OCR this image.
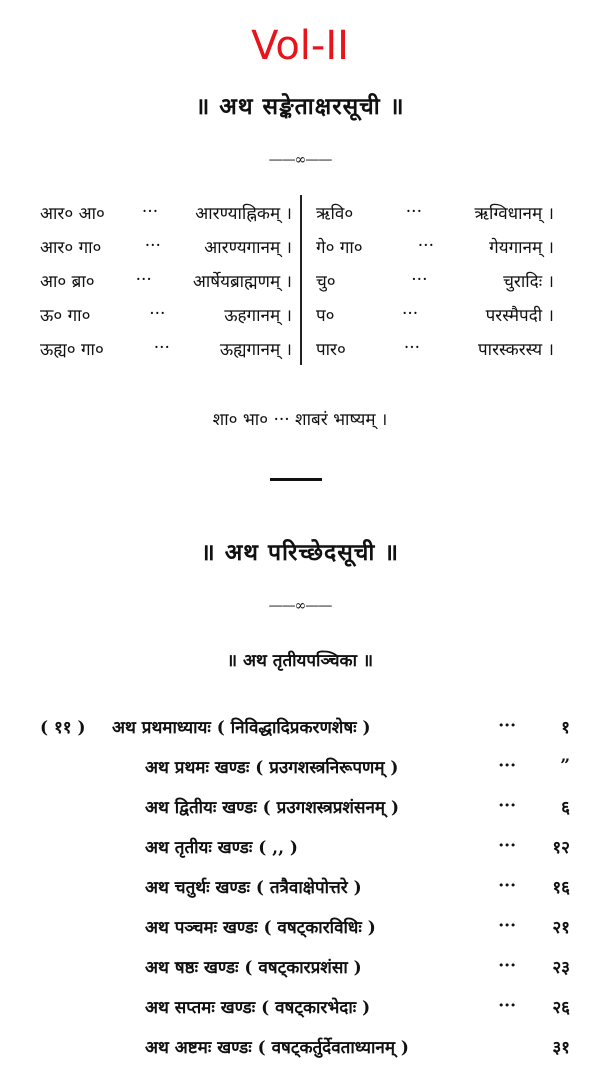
Vol-II
॥ अथ सङ्केताक्षरसूची ॥
——∞——
आर० आ० ··· आरण्याह्निकम् । ऋवि०	···	ऋग्विधानम् ।
आर० गा०	···	आरण्यगानम् । गे० गा०	···	गेयगानम् ।
आ० ब्रा० ··· आर्षेयब्राह्मणम् । चु०	···	चुरादिः ।
ऊ० गा०	···	ऊहगानम् । प०	···	परस्मैपदी ।
ऊह्य० गा०	···	ऊह्यगानम् । पार०	···	पारस्करस्य ।
शा० भा० ··· शाबरं भाष्यम् ।
॥ अथ परिच्छेदसूची ॥
——∞——
॥ अथ तृतीयपञ्चिका ॥
( ११ )	अथ प्रथमाध्यायः ( निविद्धादिप्रकरणशेषः )	···	१
अथ प्रथमः खण्डः ( प्रउगशस्त्रनिरूपणम् )	···	”
अथ द्वितीयः खण्डः ( प्रउगशस्त्रप्रशंसनम् )	···	६
अथ तृतीयः खण्डः ( ,, )	···	१२
अथ चतुर्थः खण्डः ( तत्रैवाक्षेपोत्तरे )	···	१६
अथ पञ्चमः खण्डः ( वषट्कारविधिः )	···	२१
अथ षष्ठः खण्डः ( वषट्कारप्रशंसा )	···	२३
अथ सप्तमः खण्डः ( वषट्कारभेदाः )	···	२६
अथ अष्टमः खण्डः ( वषट्कर्तुर्देवताध्यानम् )	३१
